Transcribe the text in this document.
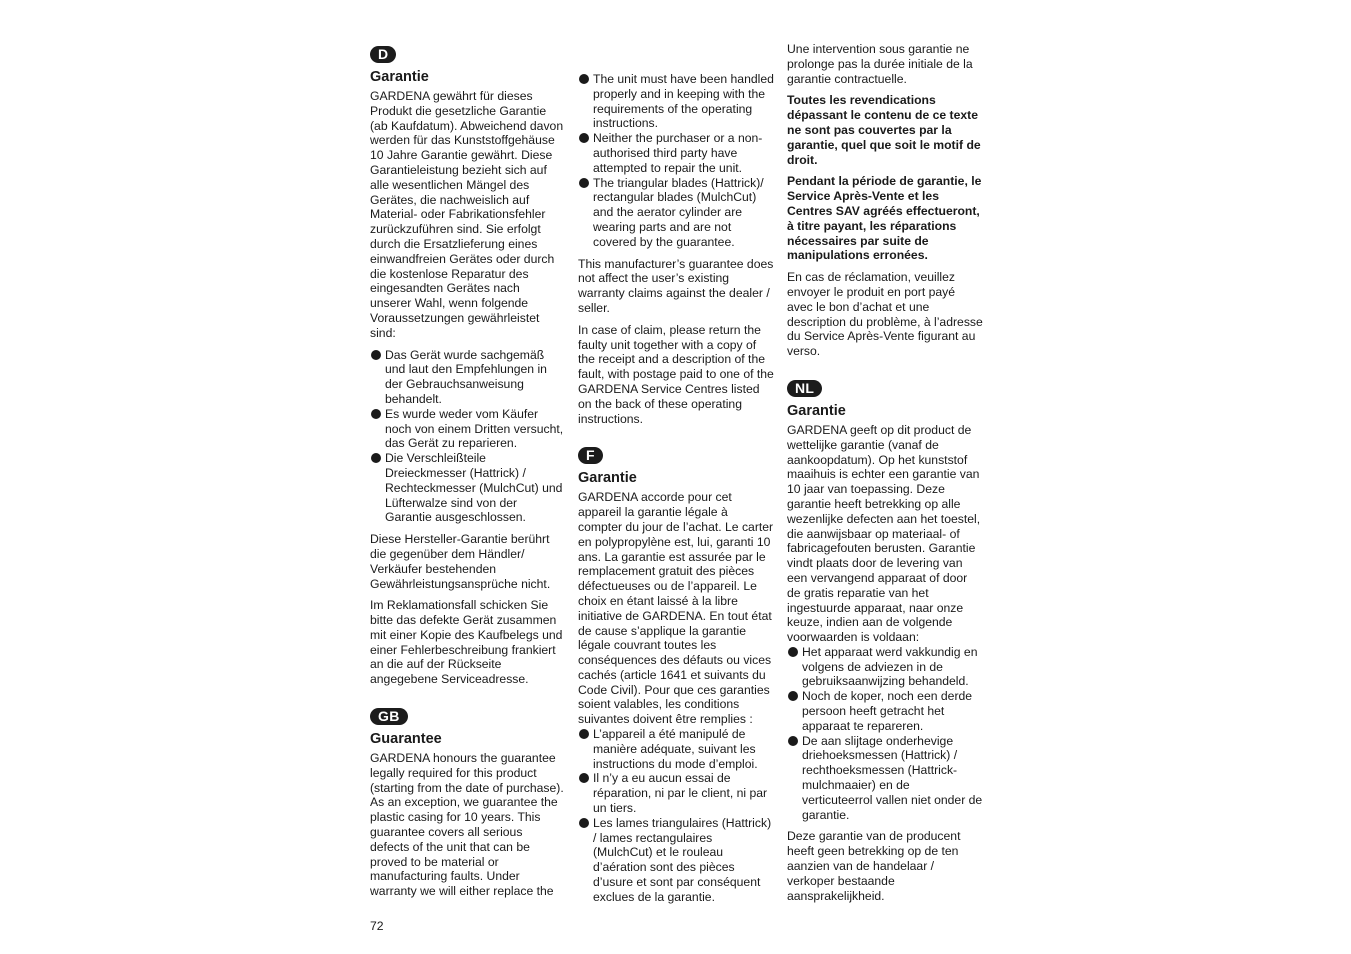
D
Garantie

GARDENA gewährt für dieses Produkt die gesetzliche Garantie (ab Kaufdatum). Abweichend davon werden für das Kunststoffgehäuse 10 Jahre Garantie gewährt. Diese Garantieleistung bezieht sich auf alle wesentlichen Mängel des Gerätes, die nachweislich auf Material- oder Fabrikationsfehler zurückzuführen sind. Sie erfolgt durch die Ersatzlieferung eines einwandfreien Gerätes oder durch die kostenlose Reparatur des eingesandten Gerätes nach unserer Wahl, wenn folgende Voraussetzungen gewährleistet sind:

Das Gerät wurde sachgemäß und laut den Empfehlungen in der Gebrauchsanweisung behandelt.
Es wurde weder vom Käufer noch von einem Dritten versucht, das Gerät zu reparieren.
Die Verschleißteile Dreieckmesser (Hattrick) / Rechteckmesser (MulchCut) und Lüfterwalze sind von der Garantie ausgeschlossen.

Diese Hersteller-Garantie berührt die gegenüber dem Händler/ Verkäufer bestehenden Gewährleistungsansprüche nicht.

Im Reklamationsfall schicken Sie bitte das defekte Gerät zusammen mit einer Kopie des Kaufbelegs und einer Fehlerbeschreibung frankiert an die auf der Rückseite angegebene Serviceadresse.

GB
Guarantee

GARDENA honours the guarantee legally required for this product (starting from the date of purchase). As an exception, we guarantee the plastic casing for 10 years. This guarantee covers all serious defects of the unit that can be proved to be material or manufacturing faults. Under warranty we will either replace the

The unit must have been handled properly and in keeping with the requirements of the operating instructions.
Neither the purchaser or a non-authorised third party have attempted to repair the unit.
The triangular blades (Hattrick)/ rectangular blades (MulchCut) and the aerator cylinder are wearing parts and are not covered by the guarantee.

This manufacturer’s guarantee does not affect the user’s existing warranty claims against the dealer / seller.

In case of claim, please return the faulty unit together with a copy of the receipt and a description of the fault, with postage paid to one of the GARDENA Service Centres listed on the back of these operating instructions.

F
Garantie

GARDENA accorde pour cet appareil la garantie légale à compter du jour de l’achat. Le carter en polypropylène est, lui, garanti 10 ans. La garantie est assurée par le remplacement gratuit des pièces défectueuses ou de l’appareil. Le choix en étant laissé à la libre initiative de GARDENA. En tout état de cause s’applique la garantie légale couvrant toutes les conséquences des défauts ou vices cachés (article 1641 et suivants du Code Civil). Pour que ces garanties soient valables, les conditions suivantes doivent être remplies :

L’appareil a été manipulé de manière adéquate, suivant les instructions du mode d’emploi.
Il n’y a eu aucun essai de réparation, ni par le client, ni par un tiers.
Les lames triangulaires (Hattrick) / lames rectangulaires (MulchCut) et le rouleau d’aération sont des pièces d’usure et sont par conséquent exclues de la garantie.

Une intervention sous garantie ne prolonge pas la durée initiale de la garantie contractuelle.

Toutes les revendications dépassant le contenu de ce texte ne sont pas couvertes par la garantie, quel que soit le motif de droit.

Pendant la période de garantie, le Service Après-Vente et les Centres SAV agréés effectueront, à titre payant, les réparations nécessaires par suite de manipulations erronées.

En cas de réclamation, veuillez envoyer le produit en port payé avec le bon d’achat et une description du problème, à l’adresse du Service Après-Vente figurant au verso.

NL
Garantie

GARDENA geeft op dit product de wettelijke garantie (vanaf de aankoopdatum). Op het kunststof maaihuis is echter een garantie van 10 jaar van toepassing. Deze garantie heeft betrekking op alle wezenlijke defecten aan het toestel, die aanwijsbaar op materiaal- of fabricagefouten berusten. Garantie vindt plaats door de levering van een vervangend apparaat of door de gratis reparatie van het ingestuurde apparaat, naar onze keuze, indien aan de volgende voorwaarden is voldaan:

Het apparaat werd vakkundig en volgens de adviezen in de gebruiksaanwijzing behandeld.
Noch de koper, noch een derde persoon heeft getracht het apparaat te repareren.
De aan slijtage onderhevige driehoeksmessen (Hattrick) / rechthoeksmessen (Hattrick-mulchmaaier) en de verticuteerrol vallen niet onder de garantie.

Deze garantie van de producent heeft geen betrekking op de ten aanzien van de handelaar / verkoper bestaande aansprakelijkheid.

72
